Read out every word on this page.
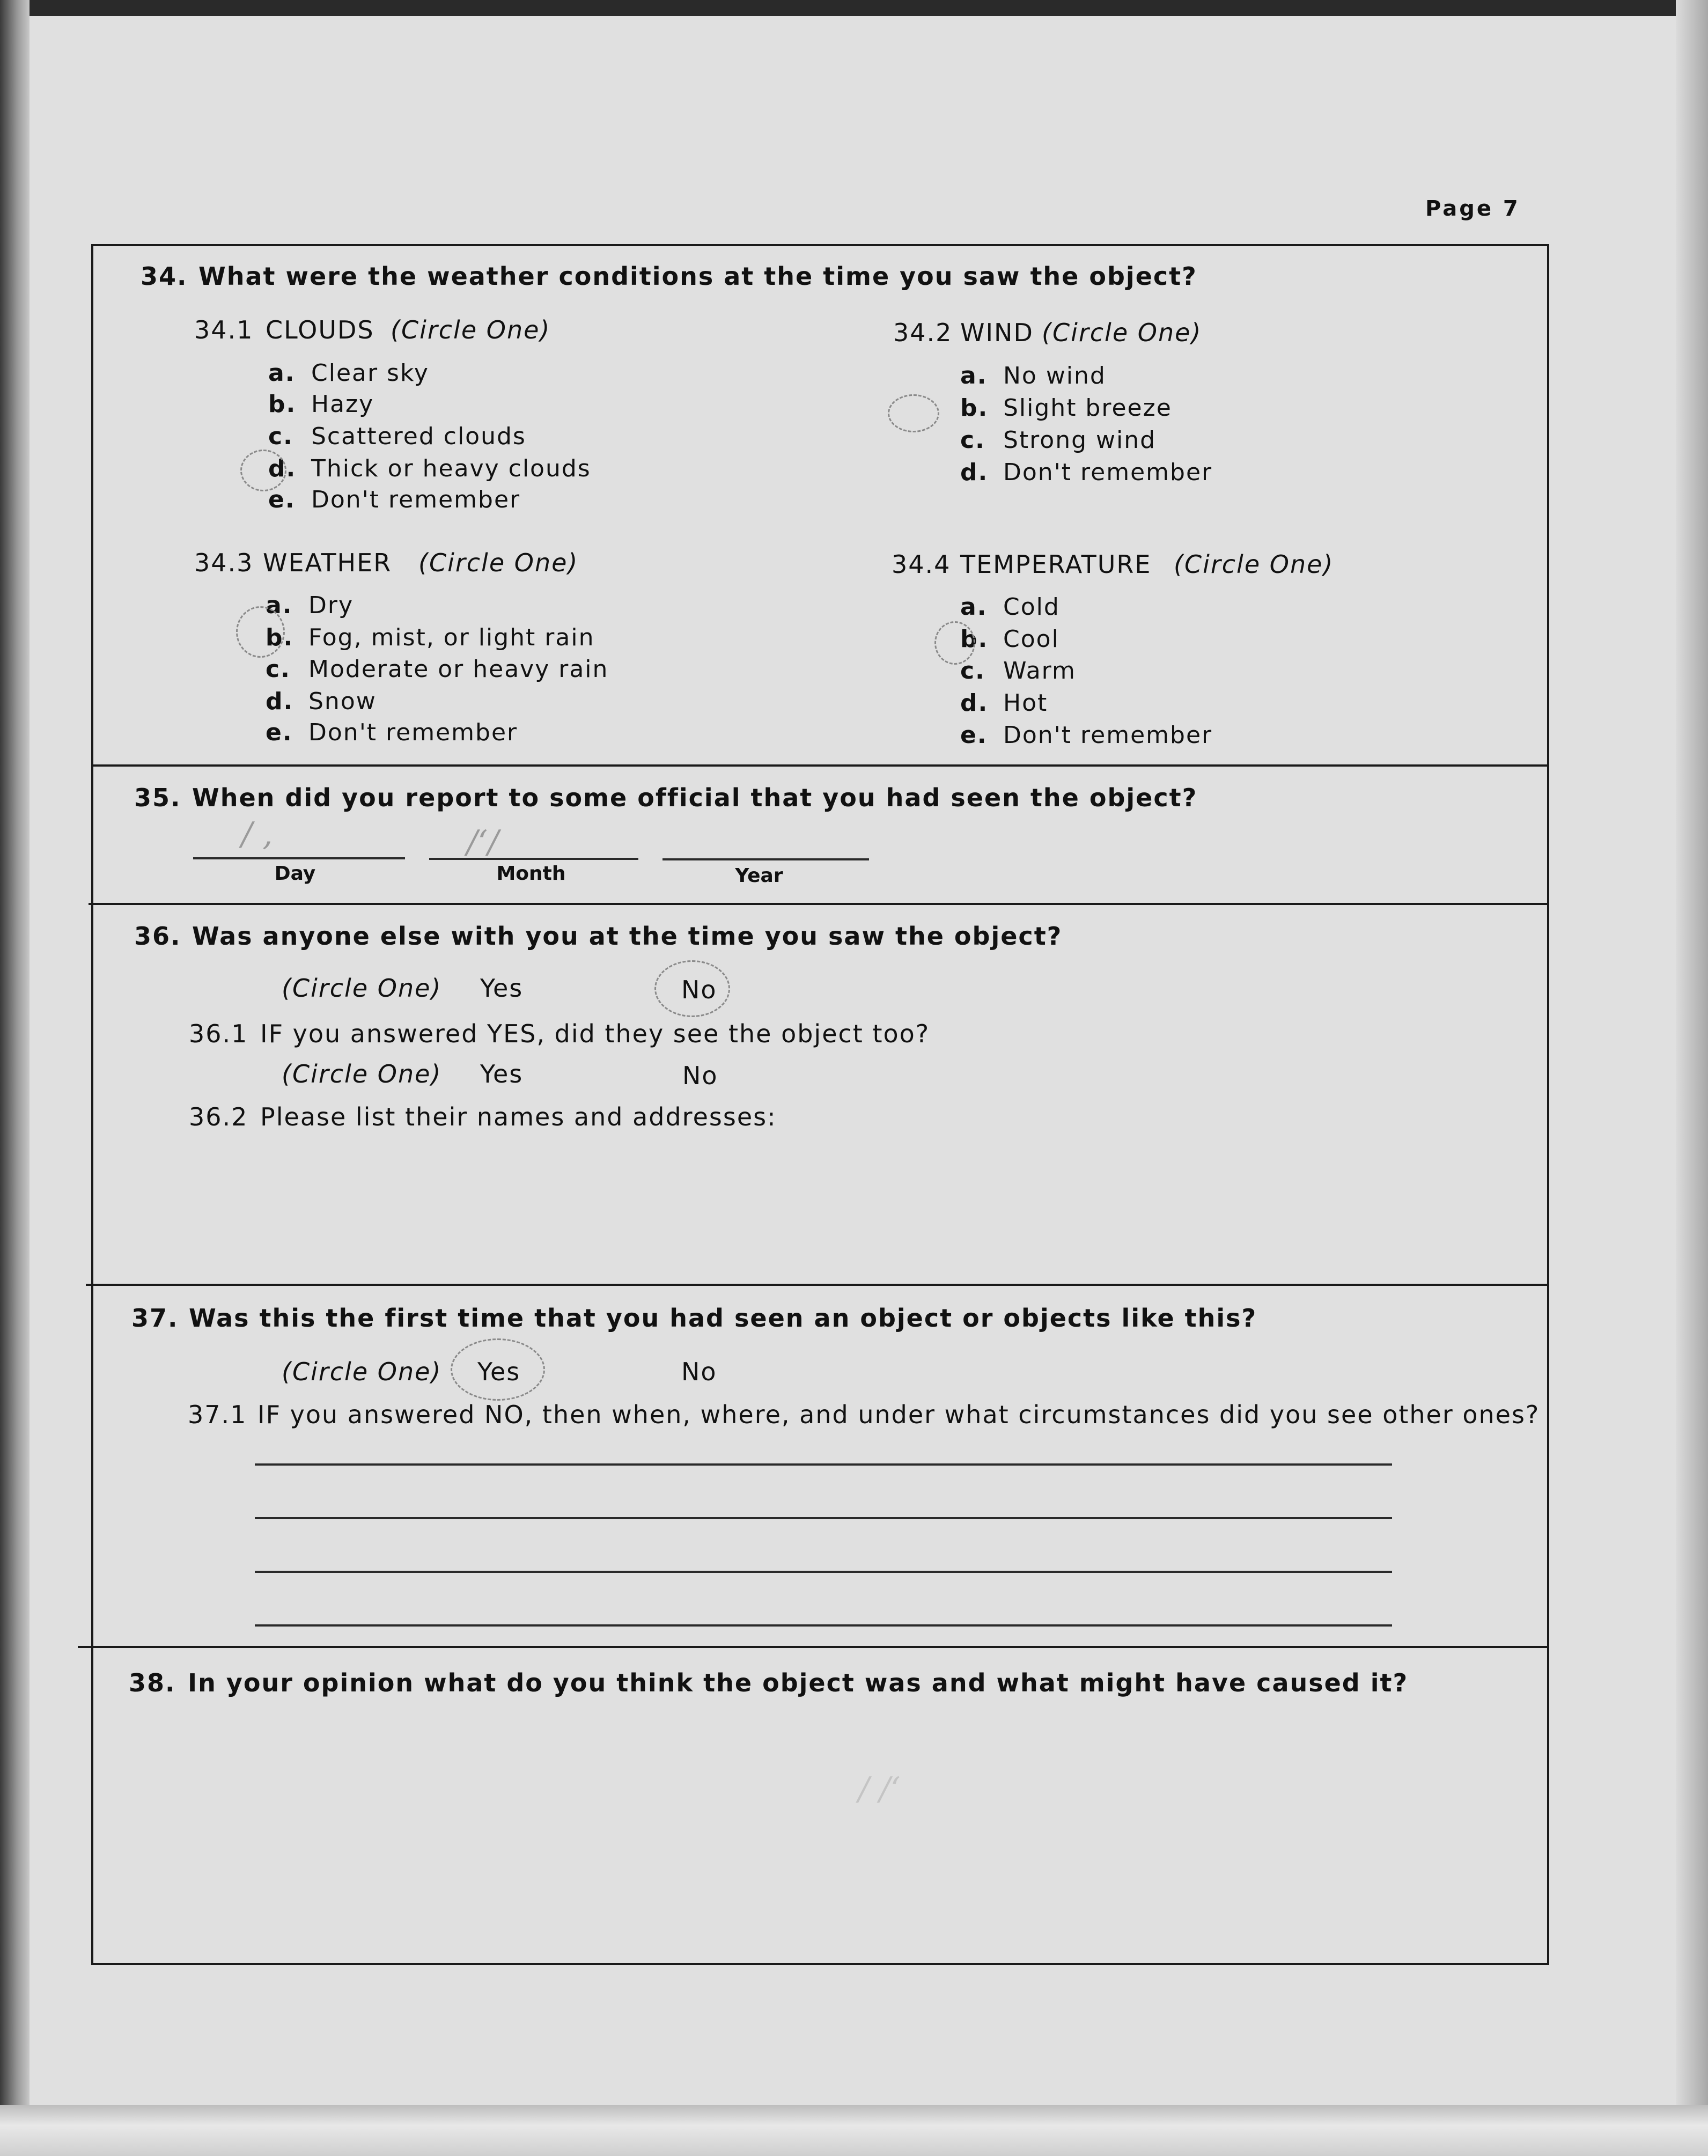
Page 7
34. What were the weather conditions at the time you saw the object?
34.1 CLOUDS (Circle One)
a. Clear sky
b. Hazy
c. Scattered clouds
d. Thick or heavy clouds
e. Don't remember
34.2 WIND (Circle One)
a. No wind
b. Slight breeze
c. Strong wind
d. Don't remember
34.3 WEATHER (Circle One)
a. Dry
b. Fog, mist, or light rain
c. Moderate or heavy rain
d. Snow
e. Don't remember
34.4 TEMPERATURE (Circle One)
a. Cold
b. Cool
c. Warm
d. Hot
e. Don't remember
35. When did you report to some official that you had seen the object?
Day	Month	Year
/ ,	/‘/
36. Was anyone else with you at the time you saw the object?
(Circle One) Yes	No
36.1 IF you answered YES, did they see the object too?
(Circle One) Yes	No
36.2 Please list their names and addresses:
37. Was this the first time that you had seen an object or objects like this?
(Circle One) Yes	No
37.1 IF you answered NO, then when, where, and under what circumstances did you see other ones?
38. In your opinion what do you think the object was and what might have caused it?
/ /‘
